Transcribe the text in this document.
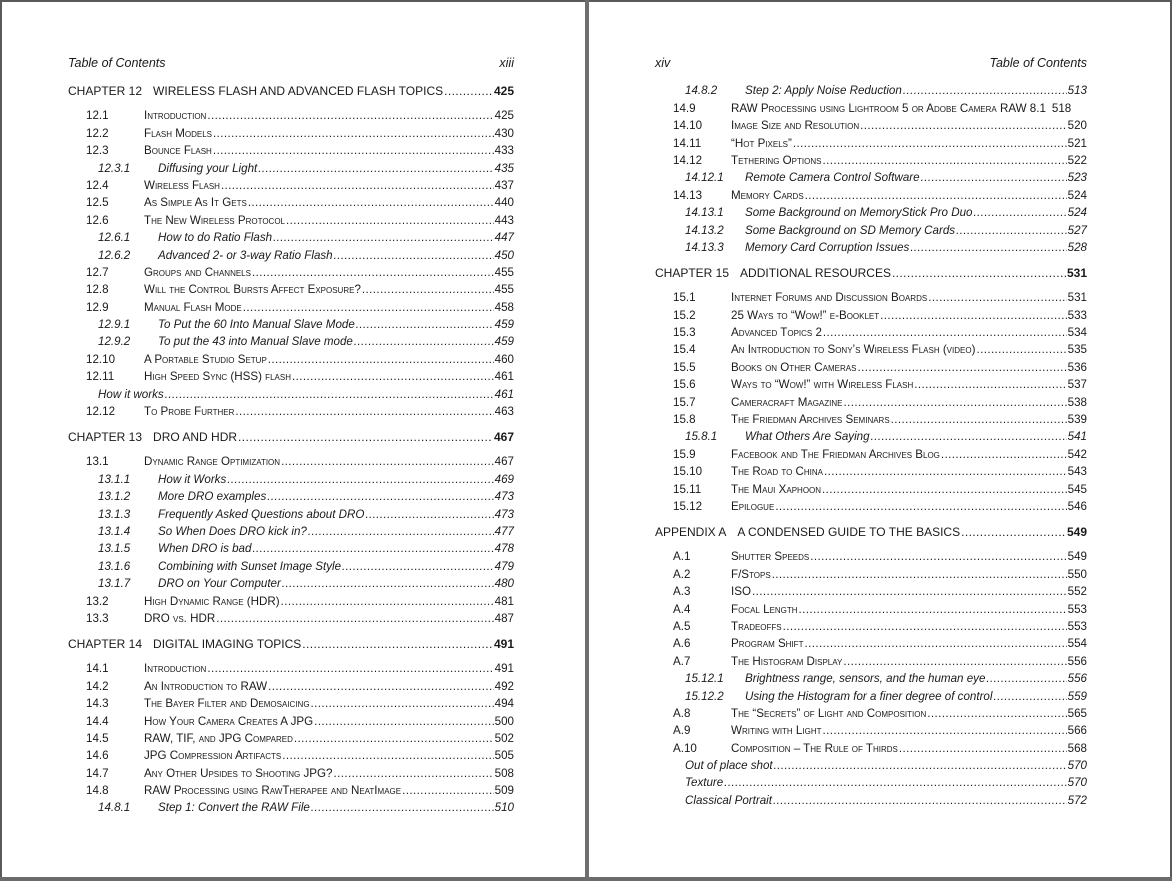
Table of Contents	xiii
CHAPTER 12 WIRELESS FLASH AND ADVANCED FLASH TOPICS .....	425
12.1	Introduction .....	425
12.2	Flash Models .....	430
12.3	Bounce Flash .....	433
12.3.1	Diffusing your Light .....	435
12.4	Wireless Flash .....	437
12.5	As Simple As It Gets .....	440
12.6	The New Wireless Protocol .....	443
12.6.1	How to do Ratio Flash .....	447
12.6.2	Advanced 2- or 3-way Ratio Flash .....	450
12.7	Groups and Channels .....	455
12.8	Will the Control Bursts Affect Exposure? .....	455
12.9	Manual Flash Mode .....	458
12.9.1	To Put the 60 Into Manual Slave Mode .....	459
12.9.2	To put the 43 into Manual Slave mode .....	459
12.10	A Portable Studio Setup .....	460
12.11	High Speed Sync (HSS) flash .....	461
How it works .....	461
12.12	To Probe Further .....	463
CHAPTER 13 DRO AND HDR .....	467
13.1	Dynamic Range Optimization .....	467
13.1.1	How it Works .....	469
13.1.2	More DRO examples .....	473
13.1.3	Frequently Asked Questions about DRO .....	473
13.1.4	So When Does DRO kick in? .....	477
13.1.5	When DRO is bad .....	478
13.1.6	Combining with Sunset Image Style .....	479
13.1.7	DRO on Your Computer .....	480
13.2	High Dynamic Range (HDR) .....	481
13.3	DRO vs. HDR .....	487
CHAPTER 14 DIGITAL IMAGING TOPICS .....	491
14.1	Introduction .....	491
14.2	An Introduction to RAW .....	492
14.3	The Bayer Filter and Demosaicing .....	494
14.4	How Your Camera Creates A JPG .....	500
14.5	RAW, TIF, and JPG Compared .....	502
14.6	JPG Compression Artifacts .....	505
14.7	Any Other Upsides to Shooting JPG? .....	508
14.8	RAW Processing using RawTherapee and NeatImage .....	509
14.8.1	Step 1: Convert the RAW File .....	510
xiv	Table of Contents
14.8.2	Step 2: Apply Noise Reduction .....	513
14.9	RAW Processing using Lightroom 5 or Adobe Camera RAW 8.1 518
14.10	Image Size and Resolution .....	520
14.11	“Hot Pixels” .....	521
14.12	Tethering Options .....	522
14.12.1	Remote Camera Control Software .....	523
14.13	Memory Cards .....	524
14.13.1	Some Background on MemoryStick Pro Duo .....	524
14.13.2	Some Background on SD Memory Cards .....	527
14.13.3	Memory Card Corruption Issues .....	528
CHAPTER 15 ADDITIONAL RESOURCES .....	531
15.1	Internet Forums and Discussion Boards .....	531
15.2	25 Ways to “Wow!” e-Booklet .....	533
15.3	Advanced Topics 2 .....	534
15.4	An Introduction to Sony’s Wireless Flash (video) .....	535
15.5	Books on Other Cameras .....	536
15.6	Ways to “Wow!” with Wireless Flash .....	537
15.7	Cameracraft Magazine .....	538
15.8	The Friedman Archives Seminars .....	539
15.8.1	What Others Are Saying .....	541
15.9	Facebook and The Friedman Archives Blog .....	542
15.10	The Road to China .....	543
15.11	The Maui Xaphoon .....	545
15.12	Epilogue .....	546
APPENDIX A A CONDENSED GUIDE TO THE BASICS .....	549
A.1	Shutter Speeds .....	549
A.2	F/Stops .....	550
A.3	ISO .....	552
A.4	Focal Length .....	553
A.5	Tradeoffs .....	553
A.6	Program Shift .....	554
A.7	The Histogram Display .....	556
15.12.1	Brightness range, sensors, and the human eye .....	556
15.12.2	Using the Histogram for a finer degree of control .....	559
A.8	The “Secrets” of Light and Composition .....	565
A.9	Writing with Light .....	566
A.10	Composition – The Rule of Thirds .....	568
Out of place shot .....	570
Texture .....	570
Classical Portrait .....	572
